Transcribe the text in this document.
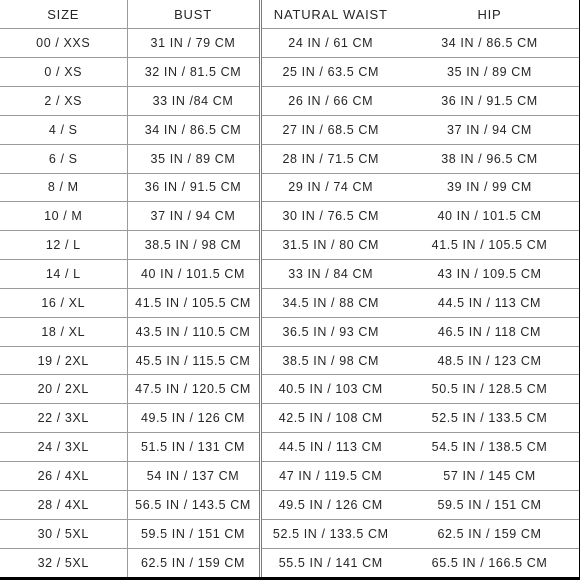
SIZE	BUST	NATURAL WAIST	HIP
00 / XXS	31 IN / 79 CM	24 IN / 61 CM	34 IN / 86.5 CM
0 / XS	32 IN / 81.5 CM	25 IN / 63.5 CM	35 IN / 89 CM
2 / XS	33 IN /84 CM	26 IN / 66 CM	36 IN / 91.5 CM
4 / S	34 IN / 86.5 CM	27 IN / 68.5 CM	37 IN / 94 CM
6 / S	35 IN / 89 CM	28 IN / 71.5 CM	38 IN / 96.5 CM
8 / M	36 IN / 91.5 CM	29 IN / 74 CM	39 IN / 99 CM
10 / M	37 IN / 94 CM	30 IN / 76.5 CM	40 IN / 101.5 CM
12 / L	38.5 IN / 98 CM	31.5 IN / 80 CM	41.5 IN / 105.5 CM
14 / L	40 IN / 101.5 CM	33 IN / 84 CM	43 IN / 109.5 CM
16 / XL	41.5 IN / 105.5 CM	34.5 IN / 88 CM	44.5 IN / 113 CM
18 / XL	43.5 IN / 110.5 CM	36.5 IN / 93 CM	46.5 IN / 118 CM
19 / 2XL	45.5 IN / 115.5 CM	38.5 IN / 98 CM	48.5 IN / 123 CM
20 / 2XL	47.5 IN / 120.5 CM	40.5 IN / 103 CM	50.5 IN / 128.5 CM
22 / 3XL	49.5 IN / 126 CM	42.5 IN / 108 CM	52.5 IN / 133.5 CM
24 / 3XL	51.5 IN / 131 CM	44.5 IN / 113 CM	54.5 IN / 138.5 CM
26 / 4XL	54 IN / 137 CM	47 IN / 119.5 CM	57 IN / 145 CM
28 / 4XL	56.5 IN / 143.5 CM	49.5 IN / 126 CM	59.5 IN / 151 CM
30 / 5XL	59.5 IN / 151 CM	52.5 IN / 133.5 CM	62.5 IN / 159 CM
32 / 5XL	62.5 IN / 159 CM	55.5 IN / 141 CM	65.5 IN / 166.5 CM
